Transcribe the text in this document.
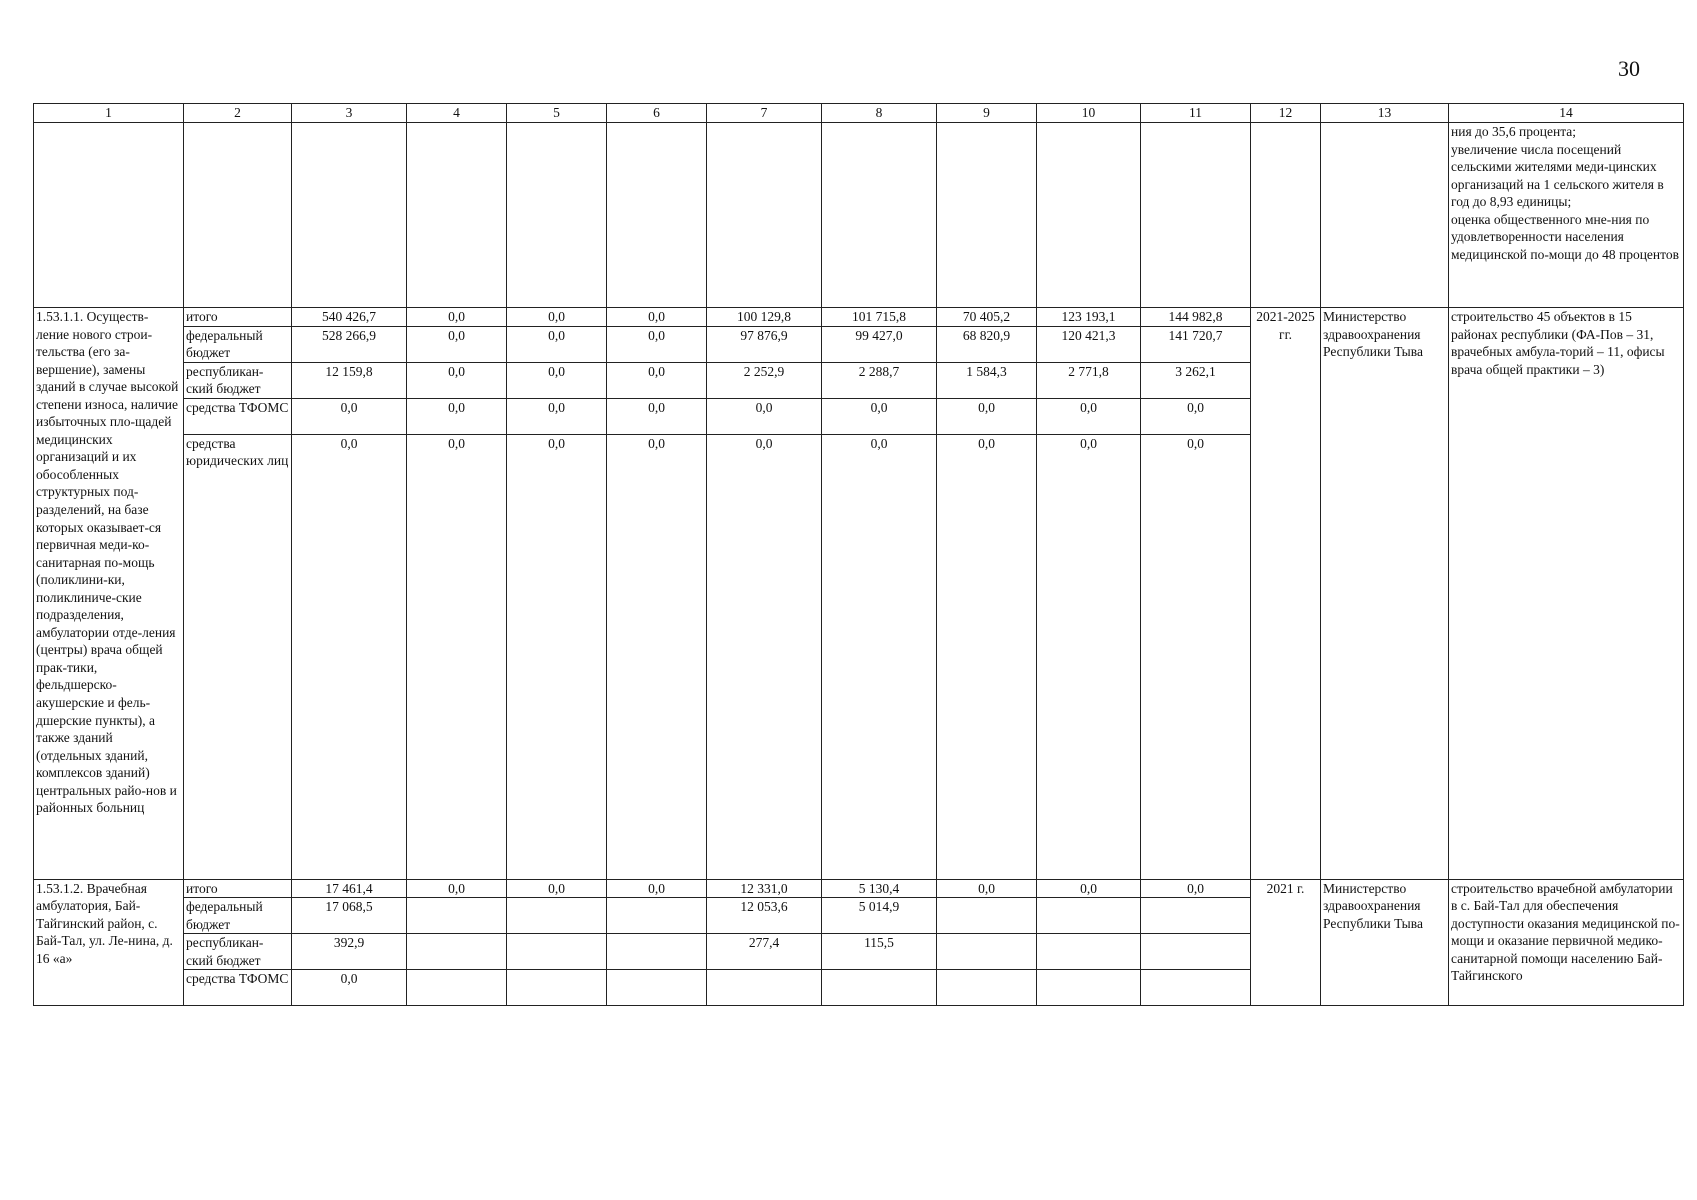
30
1	2	3	4	5	6	7	8	9	10	11	12	13	14
													ния до 35,6 процента;
увеличение числа посещений сельскими жителями меди-цинских организаций на 1 сельского жителя в год до 8,93 единицы;
оценка общественного мне-ния по удовлетворенности населения медицинской по-мощи до 48 процентов
1.53.1.1. Осуществ-ление нового строи-тельства (его за-вершение), замены зданий в случае высокой степени износа, наличие избыточных пло-щадей медицинских организаций и их обособленных структурных под-разделений, на базе которых оказывает-ся первичная меди-ко-санитарная по-мощь (поликлини-ки, поликлиниче-ские подразделения, амбулатории отде-ления (центры) врача общей прак-тики, фельдшерско-акушерские и фель-дшерские пункты), а также зданий (отдельных зданий, комплексов зданий) центральных райо-нов и районных больниц	итого	540 426,7	0,0	0,0	0,0	100 129,8	101 715,8	70 405,2	123 193,1	144 982,8	2021-2025 гг.	Министерство здравоохранения Республики Тыва	строительство 45 объектов в 15 районах республики (ФА-Пов – 31, врачебных амбула-торий – 11, офисы врача общей практики – 3)
	федеральный бюджет	528 266,9	0,0	0,0	0,0	97 876,9	99 427,0	68 820,9	120 421,3	141 720,7			
	республикан-ский бюджет	12 159,8	0,0	0,0	0,0	2 252,9	2 288,7	1 584,3	2 771,8	3 262,1			
	средства ТФОМС	0,0	0,0	0,0	0,0	0,0	0,0	0,0	0,0	0,0			
	средства юридических лиц	0,0	0,0	0,0	0,0	0,0	0,0	0,0	0,0	0,0			
1.53.1.2. Врачебная амбулатория, Бай-Тайгинский район, с. Бай-Тал, ул. Ле-нина, д. 16 «а»	итого	17 461,4	0,0	0,0	0,0	12 331,0	5 130,4	0,0	0,0	0,0	2021 г.	Министерство здравоохранения Республики Тыва	строительство врачебной амбулатории в с. Бай-Тал для обеспечения доступности оказания медицинской по-мощи и оказание первичной медико-санитарной помощи населению Бай-Тайгинского
	федеральный бюджет	17 068,5				12 053,6	5 014,9						
	республикан-ский бюджет	392,9				277,4	115,5						
	средства ТФОМС	0,0											
